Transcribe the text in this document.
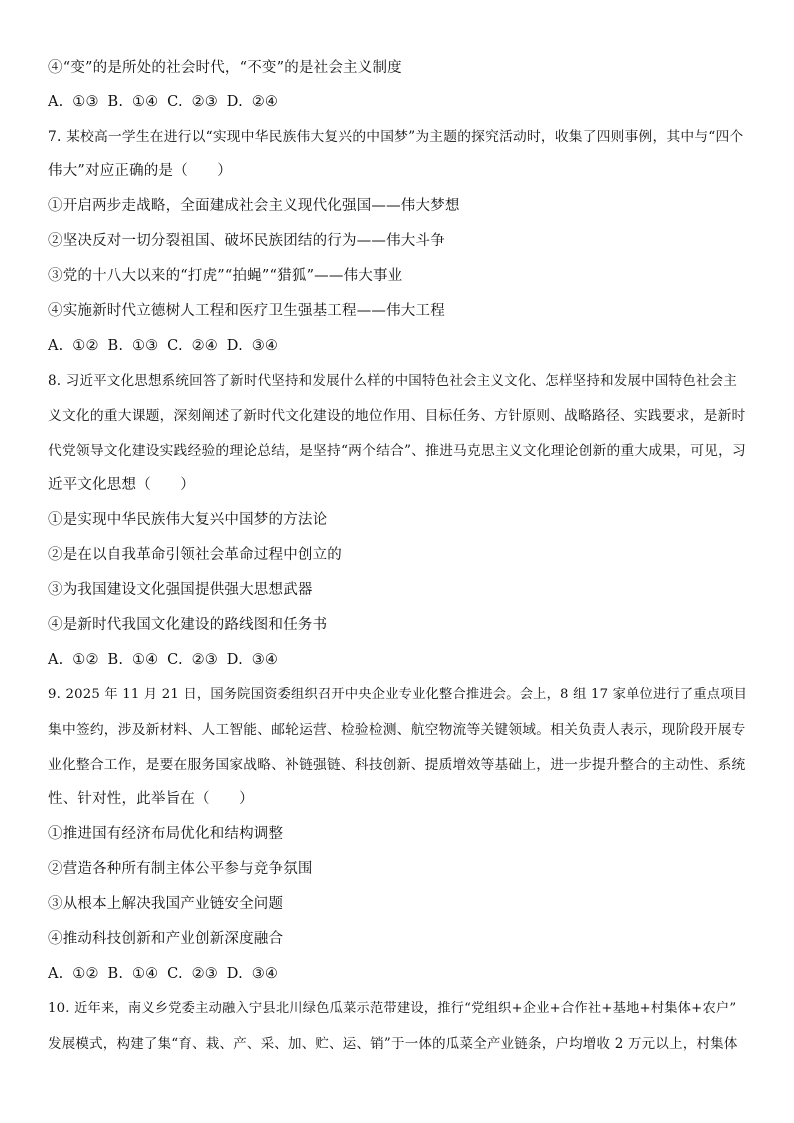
④“变”的是所处的社会时代，“不变”的是社会主义制度
A. ①③ B. ①④ C. ②③ D. ②④
7. 某校高一学生在进行以“实现中华民族伟大复兴的中国梦”为主题的探究活动时，收集了四则事例，其中与“四个
伟大”对应正确的是（　　）
①开启两步走战略，全面建成社会主义现代化强国——伟大梦想
②坚决反对一切分裂祖国、破坏民族团结的行为——伟大斗争
③党的十八大以来的“打虎”“拍蝇”“猎狐”——伟大事业
④实施新时代立德树人工程和医疗卫生强基工程——伟大工程
A. ①② B. ①③ C. ②④ D. ③④
8. 习近平文化思想系统回答了新时代坚持和发展什么样的中国特色社会主义文化、怎样坚持和发展中国特色社会主
义文化的重大课题，深刻阐述了新时代文化建设的地位作用、目标任务、方针原则、战略路径、实践要求，是新时
代党领导文化建设实践经验的理论总结，是坚持“两个结合”、推进马克思主义文化理论创新的重大成果，可见，习
近平文化思想（　　）
①是实现中华民族伟大复兴中国梦的方法论
②是在以自我革命引领社会革命过程中创立的
③为我国建设文化强国提供强大思想武器
④是新时代我国文化建设的路线图和任务书
A. ①② B. ①④ C. ②③ D. ③④
9. 2025 年 11 月 21 日，国务院国资委组织召开中央企业专业化整合推进会。会上，8 组 17 家单位进行了重点项目
集中签约，涉及新材料、人工智能、邮轮运营、检验检测、航空物流等关键领域。相关负责人表示，现阶段开展专
业化整合工作，是要在服务国家战略、补链强链、科技创新、提质增效等基础上，进一步提升整合的主动性、系统
性、针对性，此举旨在（　　）
①推进国有经济布局优化和结构调整
②营造各种所有制主体公平参与竞争氛围
③从根本上解决我国产业链安全问题
④推动科技创新和产业创新深度融合
A. ①② B. ①④ C. ②③ D. ③④
10. 近年来，南义乡党委主动融入宁县北川绿色瓜菜示范带建设，推行“党组织+企业+合作社+基地+村集体+农户”
发展模式，构建了集“育、栽、产、采、加、贮、运、销”于一体的瓜菜全产业链条，户均增收 2 万元以上，村集体
